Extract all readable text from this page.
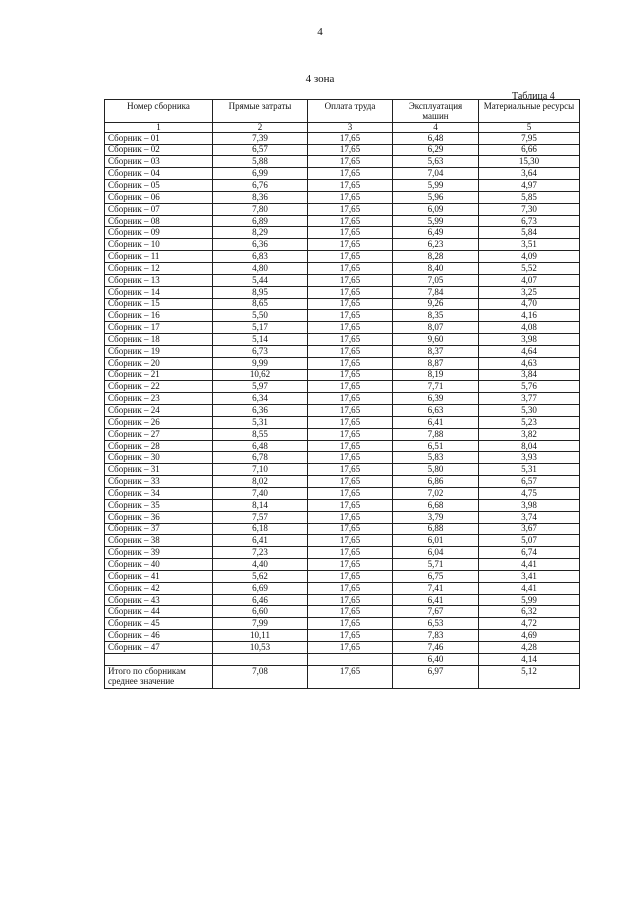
4
4 зона
Таблица 4
Номер сборника	Прямые затраты	Оплата труда	Эксплуатация машин	Материальные ресурсы
1	2	3	4	5
Сборник – 01	7,39	17,65	6,48	7,95
Сборник – 02	6,57	17,65	6,29	6,66
Сборник – 03	5,88	17,65	5,63	15,30
Сборник – 04	6,99	17,65	7,04	3,64
Сборник – 05	6,76	17,65	5,99	4,97
Сборник – 06	8,36	17,65	5,96	5,85
Сборник – 07	7,80	17,65	6,09	7,30
Сборник – 08	6,89	17,65	5,99	6,73
Сборник – 09	8,29	17,65	6,49	5,84
Сборник – 10	6,36	17,65	6,23	3,51
Сборник – 11	6,83	17,65	8,28	4,09
Сборник – 12	4,80	17,65	8,40	5,52
Сборник – 13	5,44	17,65	7,05	4,07
Сборник – 14	8,95	17,65	7,84	3,25
Сборник – 15	8,65	17,65	9,26	4,70
Сборник – 16	5,50	17,65	8,35	4,16
Сборник – 17	5,17	17,65	8,07	4,08
Сборник – 18	5,14	17,65	9,60	3,98
Сборник – 19	6,73	17,65	8,37	4,64
Сборник – 20	9,99	17,65	8,87	4,63
Сборник – 21	10,62	17,65	8,19	3,84
Сборник – 22	5,97	17,65	7,71	5,76
Сборник – 23	6,34	17,65	6,39	3,77
Сборник – 24	6,36	17,65	6,63	5,30
Сборник – 26	5,31	17,65	6,41	5,23
Сборник – 27	8,55	17,65	7,88	3,82
Сборник – 28	6,48	17,65	6,51	8,04
Сборник – 30	6,78	17,65	5,83	3,93
Сборник – 31	7,10	17,65	5,80	5,31
Сборник – 33	8,02	17,65	6,86	6,57
Сборник – 34	7,40	17,65	7,02	4,75
Сборник – 35	8,14	17,65	6,68	3,98
Сборник – 36	7,57	17,65	3,79	3,74
Сборник – 37	6,18	17,65	6,88	3,67
Сборник – 38	6,41	17,65	6,01	5,07
Сборник – 39	7,23	17,65	6,04	6,74
Сборник – 40	4,40	17,65	5,71	4,41
Сборник – 41	5,62	17,65	6,75	3,41
Сборник – 42	6,69	17,65	7,41	4,41
Сборник – 43	6,46	17,65	6,41	5,99
Сборник – 44	6,60	17,65	7,67	6,32
Сборник – 45	7,99	17,65	6,53	4,72
Сборник – 46	10,11	17,65	7,83	4,69
Сборник – 47	10,53	17,65	7,46	4,28
			6,40	4,14
Итого по сборникам среднее значение	7,08	17,65	6,97	5,12
